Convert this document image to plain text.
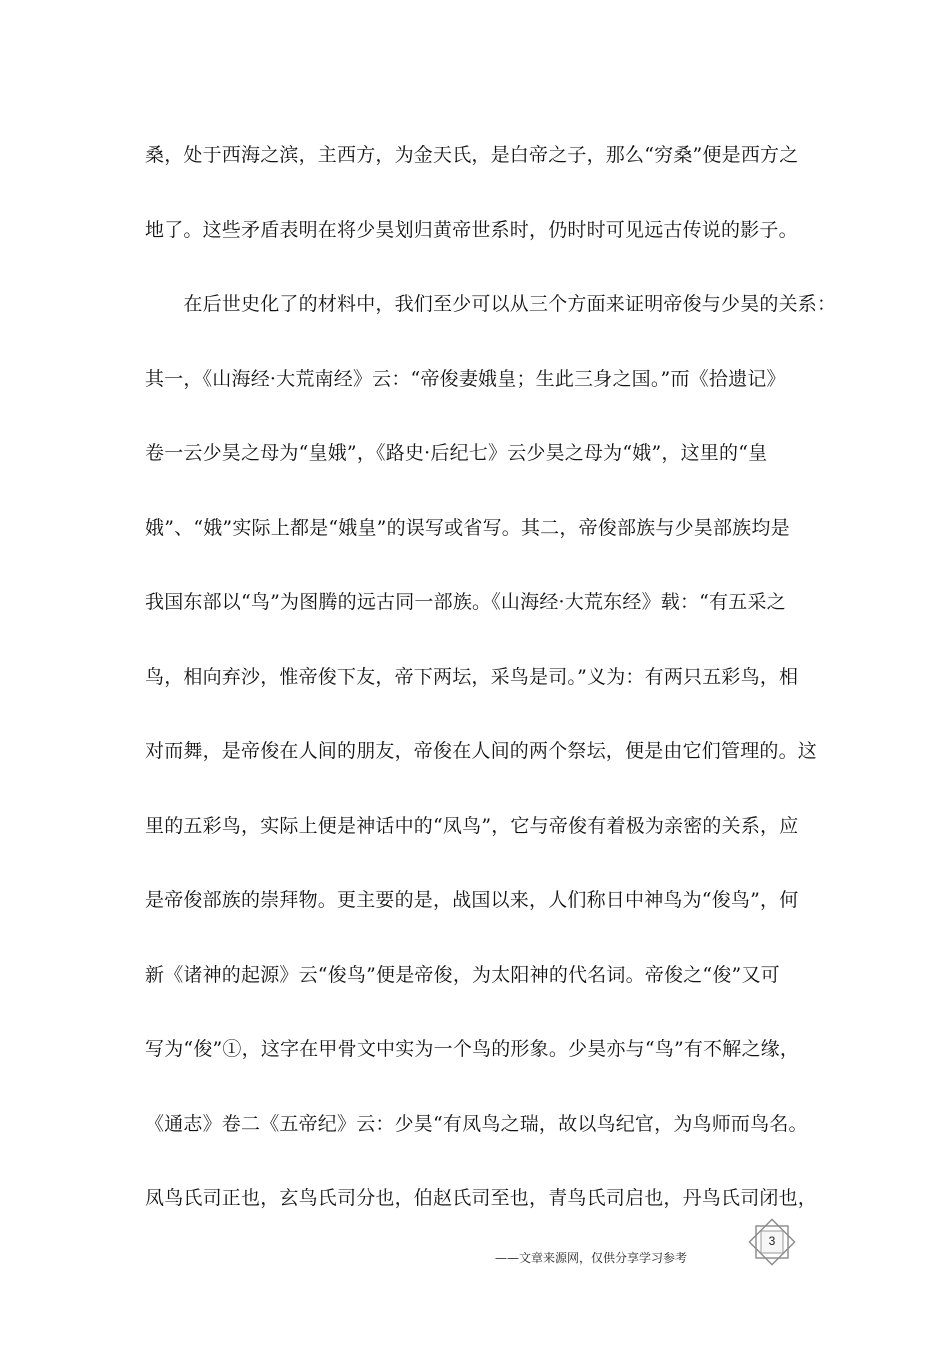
桑，处于西海之滨，主西方，为金天氏，是白帝之子，那么“穷桑”便是西方之
地了。这些矛盾表明在将少昊划归黄帝世系时，仍时时可见远古传说的影子。
　　在后世史化了的材料中，我们至少可以从三个方面来证明帝俊与少昊的关系：
其一，《山海经·大荒南经》云：“帝俊妻娥皇；生此三身之国。”而《拾遗记》
卷一云少昊之母为“皇娥”，《路史·后纪七》云少昊之母为“娥”，这里的“皇
娥”、“娥”实际上都是“娥皇”的误写或省写。其二，帝俊部族与少昊部族均是
我国东部以“鸟”为图腾的远古同一部族。《山海经·大荒东经》载：“有五采之
鸟，相向弃沙，惟帝俊下友，帝下两坛，采鸟是司。”义为：有两只五彩鸟，相
对而舞，是帝俊在人间的朋友，帝俊在人间的两个祭坛，便是由它们管理的。这
里的五彩鸟，实际上便是神话中的“凤鸟”，它与帝俊有着极为亲密的关系，应
是帝俊部族的崇拜物。更主要的是，战国以来，人们称日中神鸟为“俊鸟”，何
新《诸神的起源》云“俊鸟”便是帝俊，为太阳神的代名词。帝俊之“俊”又可
写为“俊”①，这字在甲骨文中实为一个鸟的形象。少昊亦与“鸟”有不解之缘，
《通志》卷二《五帝纪》云：少昊“有凤鸟之瑞，故以鸟纪官，为鸟师而鸟名。
凤鸟氏司正也，玄鸟氏司分也，伯赵氏司至也，青鸟氏司启也，丹鸟氏司闭也，
——文章来源网，仅供分享学习参考
3
